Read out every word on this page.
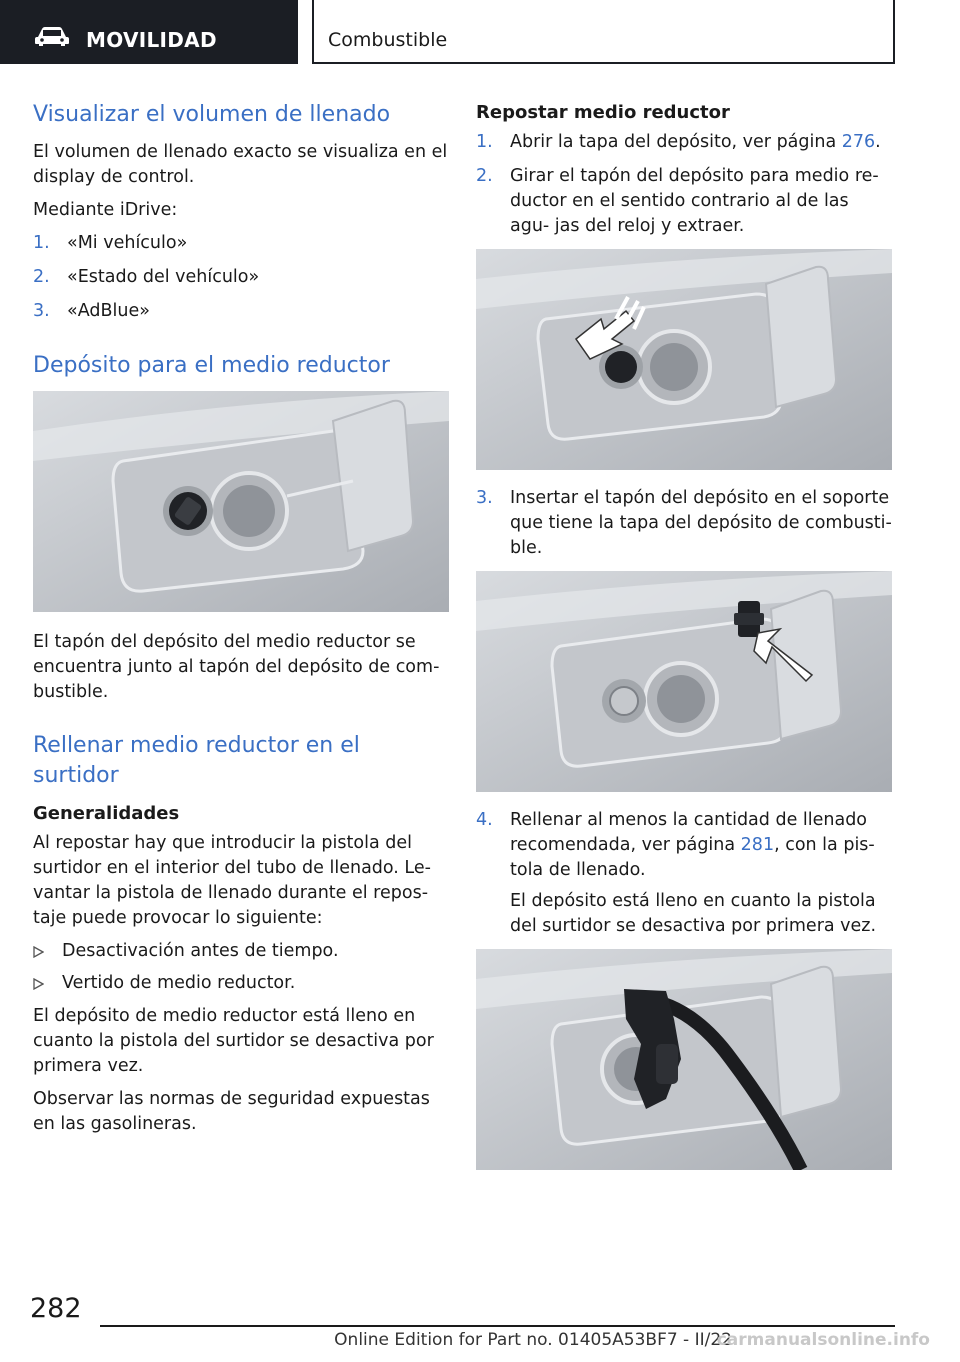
MOVILIDAD	Combustible
Visualizar el volumen de llenado

El volumen de llenado exacto se visualiza en el display de control.

Mediante iDrive:

1. «Mi vehículo»
2. «Estado del vehículo»
3. «AdBlue»
Depósito para el medio reductor

El tapón del depósito del medio reductor se encuentra junto al tapón del depósito de com- bustible.

Rellenar medio reductor en el surtidor
Generalidades

Al repostar hay que introducir la pistola del surtidor en el interior del tubo de llenado. Le- vantar la pistola de llenado durante el repos- taje puede provocar lo siguiente:

Desactivación antes de tiempo.
Vertido de medio reductor.

El depósito de medio reductor está lleno en cuanto la pistola del surtidor se desactiva por primera vez.

Observar las normas de seguridad expuestas en las gasolineras.

Repostar medio reductor
1. Abrir la tapa del depósito, ver página 276.
2. Girar el tapón del depósito para medio re- ductor en el sentido contrario al de las agu- jas del reloj y extraer.
3. Insertar el tapón del depósito en el soporte que tiene la tapa del depósito de combusti- ble.
4. Rellenar al menos la cantidad de llenado recomendada, ver página 281, con la pis- tola de llenado.

El depósito está lleno en cuanto la pistola del surtidor se desactiva por primera vez.

282
Online Edition for Part no. 01405A53BF7 - II/22
carmanualsonline.info
